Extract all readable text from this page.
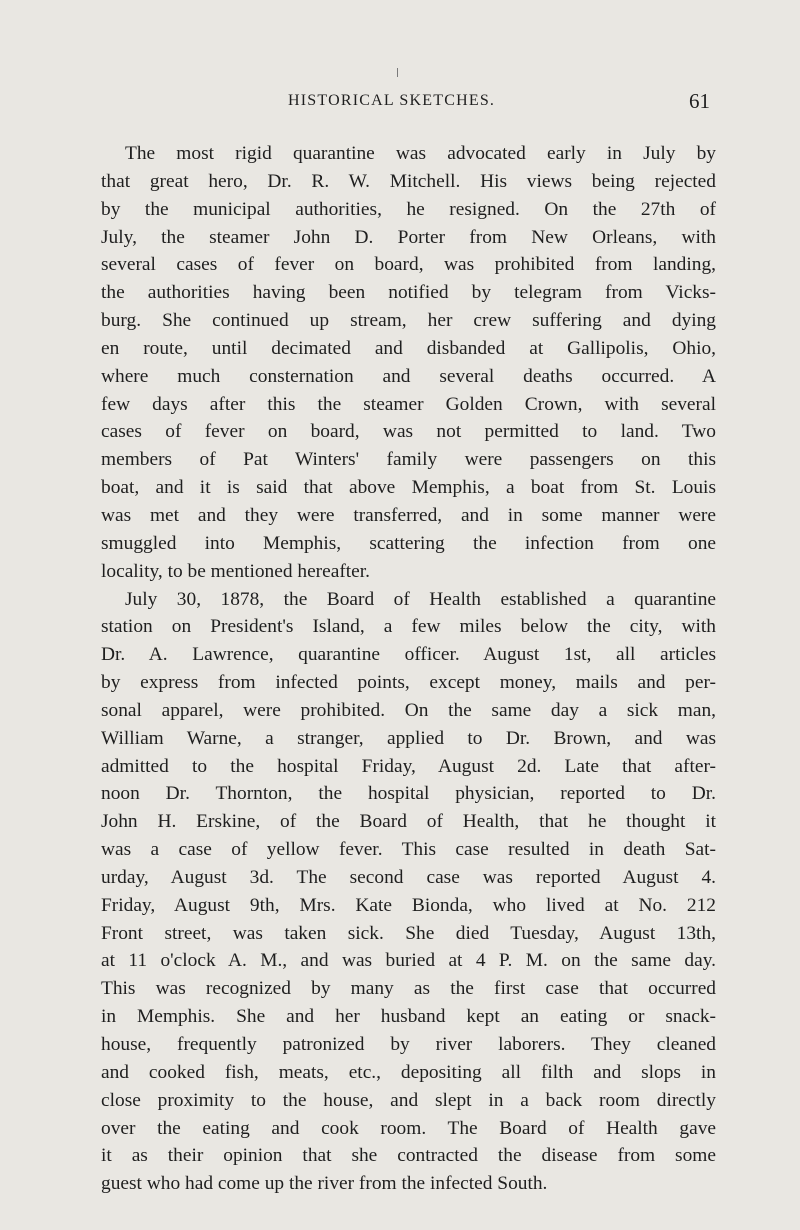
HISTORICAL SKETCHES.	61
The most rigid quarantine was advocated early in July by
that great hero, Dr. R. W. Mitchell. His views being rejected
by the municipal authorities, he resigned. On the 27th of
July, the steamer John D. Porter from New Orleans, with
several cases of fever on board, was prohibited from landing,
the authorities having been notified by telegram from Vicks-
burg. She continued up stream, her crew suffering and dying
en route, until decimated and disbanded at Gallipolis, Ohio,
where much consternation and several deaths occurred. A
few days after this the steamer Golden Crown, with several
cases of fever on board, was not permitted to land. Two
members of Pat Winters' family were passengers on this
boat, and it is said that above Memphis, a boat from St. Louis
was met and they were transferred, and in some manner were
smuggled into Memphis, scattering the infection from one
locality, to be mentioned hereafter.
July 30, 1878, the Board of Health established a quarantine
station on President's Island, a few miles below the city, with
Dr. A. Lawrence, quarantine officer. August 1st, all articles
by express from infected points, except money, mails and per-
sonal apparel, were prohibited. On the same day a sick man,
William Warne, a stranger, applied to Dr. Brown, and was
admitted to the hospital Friday, August 2d. Late that after-
noon Dr. Thornton, the hospital physician, reported to Dr.
John H. Erskine, of the Board of Health, that he thought it
was a case of yellow fever. This case resulted in death Sat-
urday, August 3d. The second case was reported August 4.
Friday, August 9th, Mrs. Kate Bionda, who lived at No. 212
Front street, was taken sick. She died Tuesday, August 13th,
at 11 o'clock A. M., and was buried at 4 P. M. on the same day.
This was recognized by many as the first case that occurred
in Memphis. She and her husband kept an eating or snack-
house, frequently patronized by river laborers. They cleaned
and cooked fish, meats, etc., depositing all filth and slops in
close proximity to the house, and slept in a back room directly
over the eating and cook room. The Board of Health gave
it as their opinion that she contracted the disease from some
guest who had come up the river from the infected South.
